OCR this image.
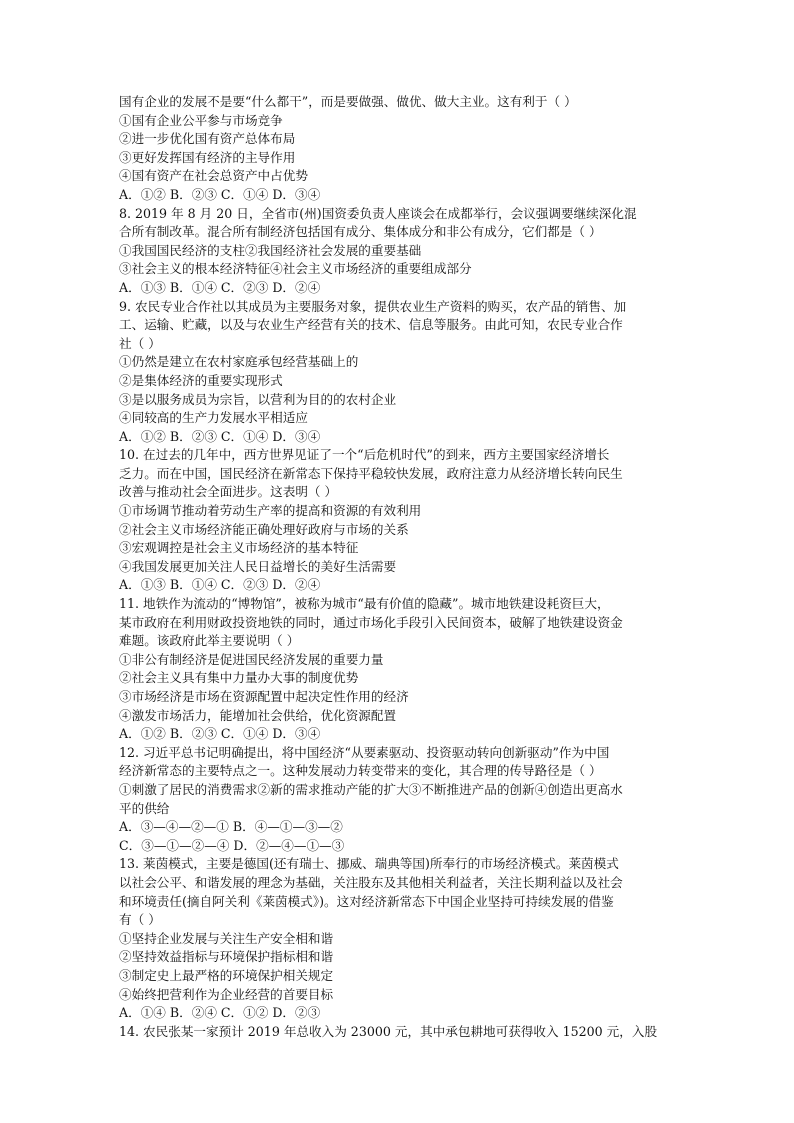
国有企业的发展不是要“什么都干”，而是要做强、做优、做大主业。这有利于（ ）
①国有企业公平参与市场竞争
②进一步优化国有资产总体布局
③更好发挥国有经济的主导作用
④国有资产在社会总资产中占优势
A．①② B．②③ C．①④ D．③④
8. 2019 年 8 月 20 日，全省市(州)国资委负责人座谈会在成都举行，会议强调要继续深化混
合所有制改革。混合所有制经济包括国有成分、集体成分和非公有成分，它们都是（ ）
①我国国民经济的支柱②我国经济社会发展的重要基础
③社会主义的根本经济特征④社会主义市场经济的重要组成部分
A．①③ B．①④ C．②③ D．②④
9. 农民专业合作社以其成员为主要服务对象，提供农业生产资料的购买，农产品的销售、加
工、运输、贮藏，以及与农业生产经营有关的技术、信息等服务。由此可知，农民专业合作
社（ ）
①仍然是建立在农村家庭承包经营基础上的
②是集体经济的重要实现形式
③是以服务成员为宗旨，以营利为目的的农村企业
④同较高的生产力发展水平相适应
A．①② B．②③ C．①④ D．③④
10. 在过去的几年中，西方世界见证了一个“后危机时代”的到来，西方主要国家经济增长
乏力。而在中国，国民经济在新常态下保持平稳较快发展，政府注意力从经济增长转向民生
改善与推动社会全面进步。这表明（ ）
①市场调节推动着劳动生产率的提高和资源的有效利用
②社会主义市场经济能正确处理好政府与市场的关系
③宏观调控是社会主义市场经济的基本特征
④我国发展更加关注人民日益增长的美好生活需要
A．①③ B．①④ C．②③ D．②④
11. 地铁作为流动的“博物馆”，被称为城市“最有价值的隐藏”。城市地铁建设耗资巨大，
某市政府在利用财政投资地铁的同时，通过市场化手段引入民间资本，破解了地铁建设资金
难题。该政府此举主要说明（ ）
①非公有制经济是促进国民经济发展的重要力量
②社会主义具有集中力量办大事的制度优势
③市场经济是市场在资源配置中起决定性作用的经济
④激发市场活力，能增加社会供给，优化资源配置
A．①② B．②③ C．①④ D．③④
12. 习近平总书记明确提出，将中国经济“从要素驱动、投资驱动转向创新驱动”作为中国
经济新常态的主要特点之一。这种发展动力转变带来的变化，其合理的传导路径是（ ）
①刺激了居民的消费需求②新的需求推动产能的扩大③不断推进产品的创新④创造出更高水
平的供给
A．③—④—②—① B．④—①—③—②
C．③—①—②—④ D．②—④—①—③
13. 莱茵模式，主要是德国(还有瑞士、挪威、瑞典等国)所奉行的市场经济模式。莱茵模式
以社会公平、和谐发展的理念为基础，关注股东及其他相关利益者，关注长期利益以及社会
和环境责任(摘自阿关利《莱茵模式》)。这对经济新常态下中国企业坚持可持续发展的借鉴
有（ ）
①坚持企业发展与关注生产安全相和谐
②坚持效益指标与环境保护指标相和谐
③制定史上最严格的环境保护相关规定
④始终把营利作为企业经营的首要目标
A．①④ B．②④ C．①② D．②③
14. 农民张某一家预计 2019 年总收入为 23000 元，其中承包耕地可获得收入 15200 元，入股
